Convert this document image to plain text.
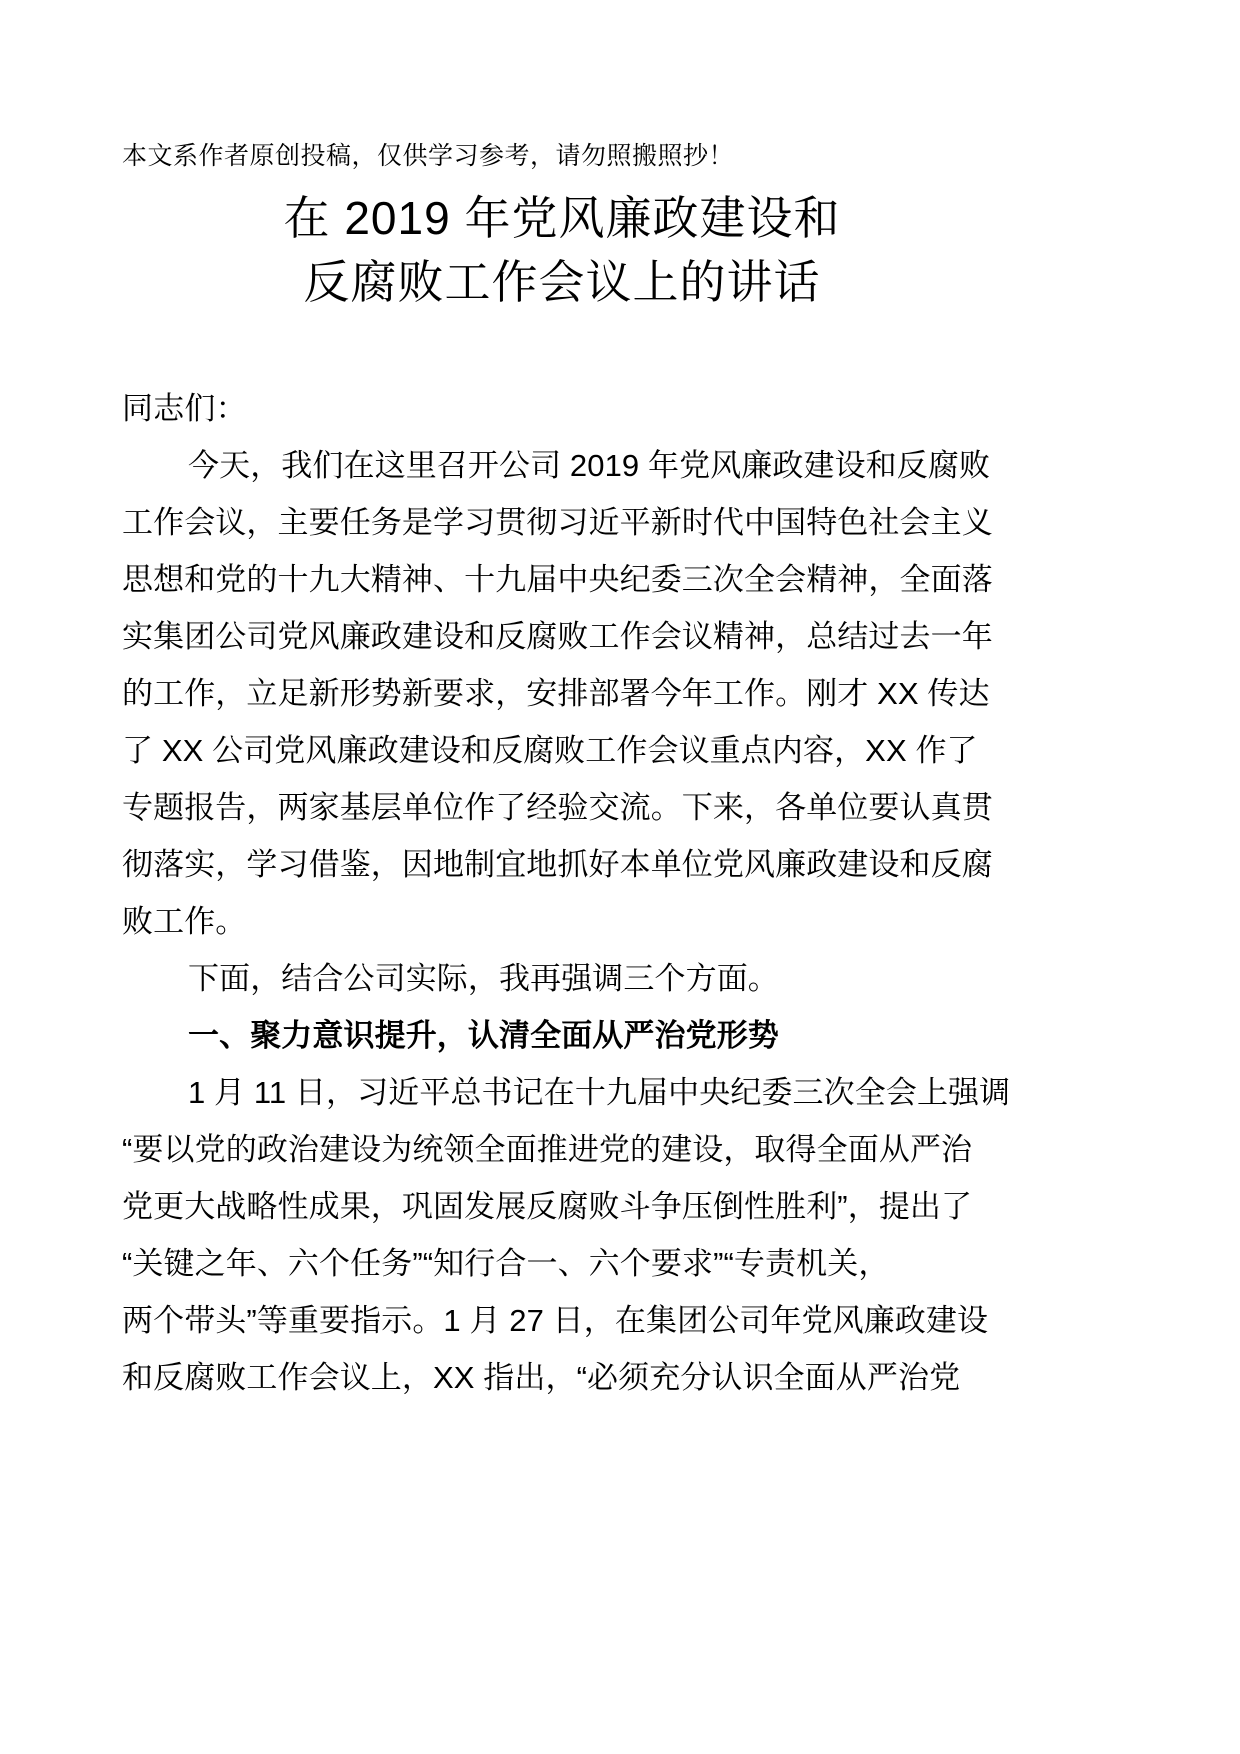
本文系作者原创投稿，仅供学习参考，请勿照搬照抄！
在 2019 年党风廉政建设和
反腐败工作会议上的讲话
同志们：
今天，我们在这里召开公司 2019 年党风廉政建设和反腐败
工作会议，主要任务是学习贯彻习近平新时代中国特色社会主义
思想和党的十九大精神、十九届中央纪委三次全会精神，全面落
实集团公司党风廉政建设和反腐败工作会议精神，总结过去一年
的工作，立足新形势新要求，安排部署今年工作。刚才 XX 传达
了 XX 公司党风廉政建设和反腐败工作会议重点内容，XX 作了
专题报告，两家基层单位作了经验交流。下来，各单位要认真贯
彻落实，学习借鉴，因地制宜地抓好本单位党风廉政建设和反腐
败工作。
下面，结合公司实际，我再强调三个方面。
一、聚力意识提升，认清全面从严治党形势
1 月 11 日，习近平总书记在十九届中央纪委三次全会上强调
“要以党的政治建设为统领全面推进党的建设，取得全面从严治
党更大战略性成果，巩固发展反腐败斗争压倒性胜利”，提出了
“关键之年、六个任务”“知行合一、六个要求”“专责机关，
两个带头”等重要指示。1 月 27 日，在集团公司年党风廉政建设
和反腐败工作会议上，XX 指出，“必须充分认识全面从严治党
